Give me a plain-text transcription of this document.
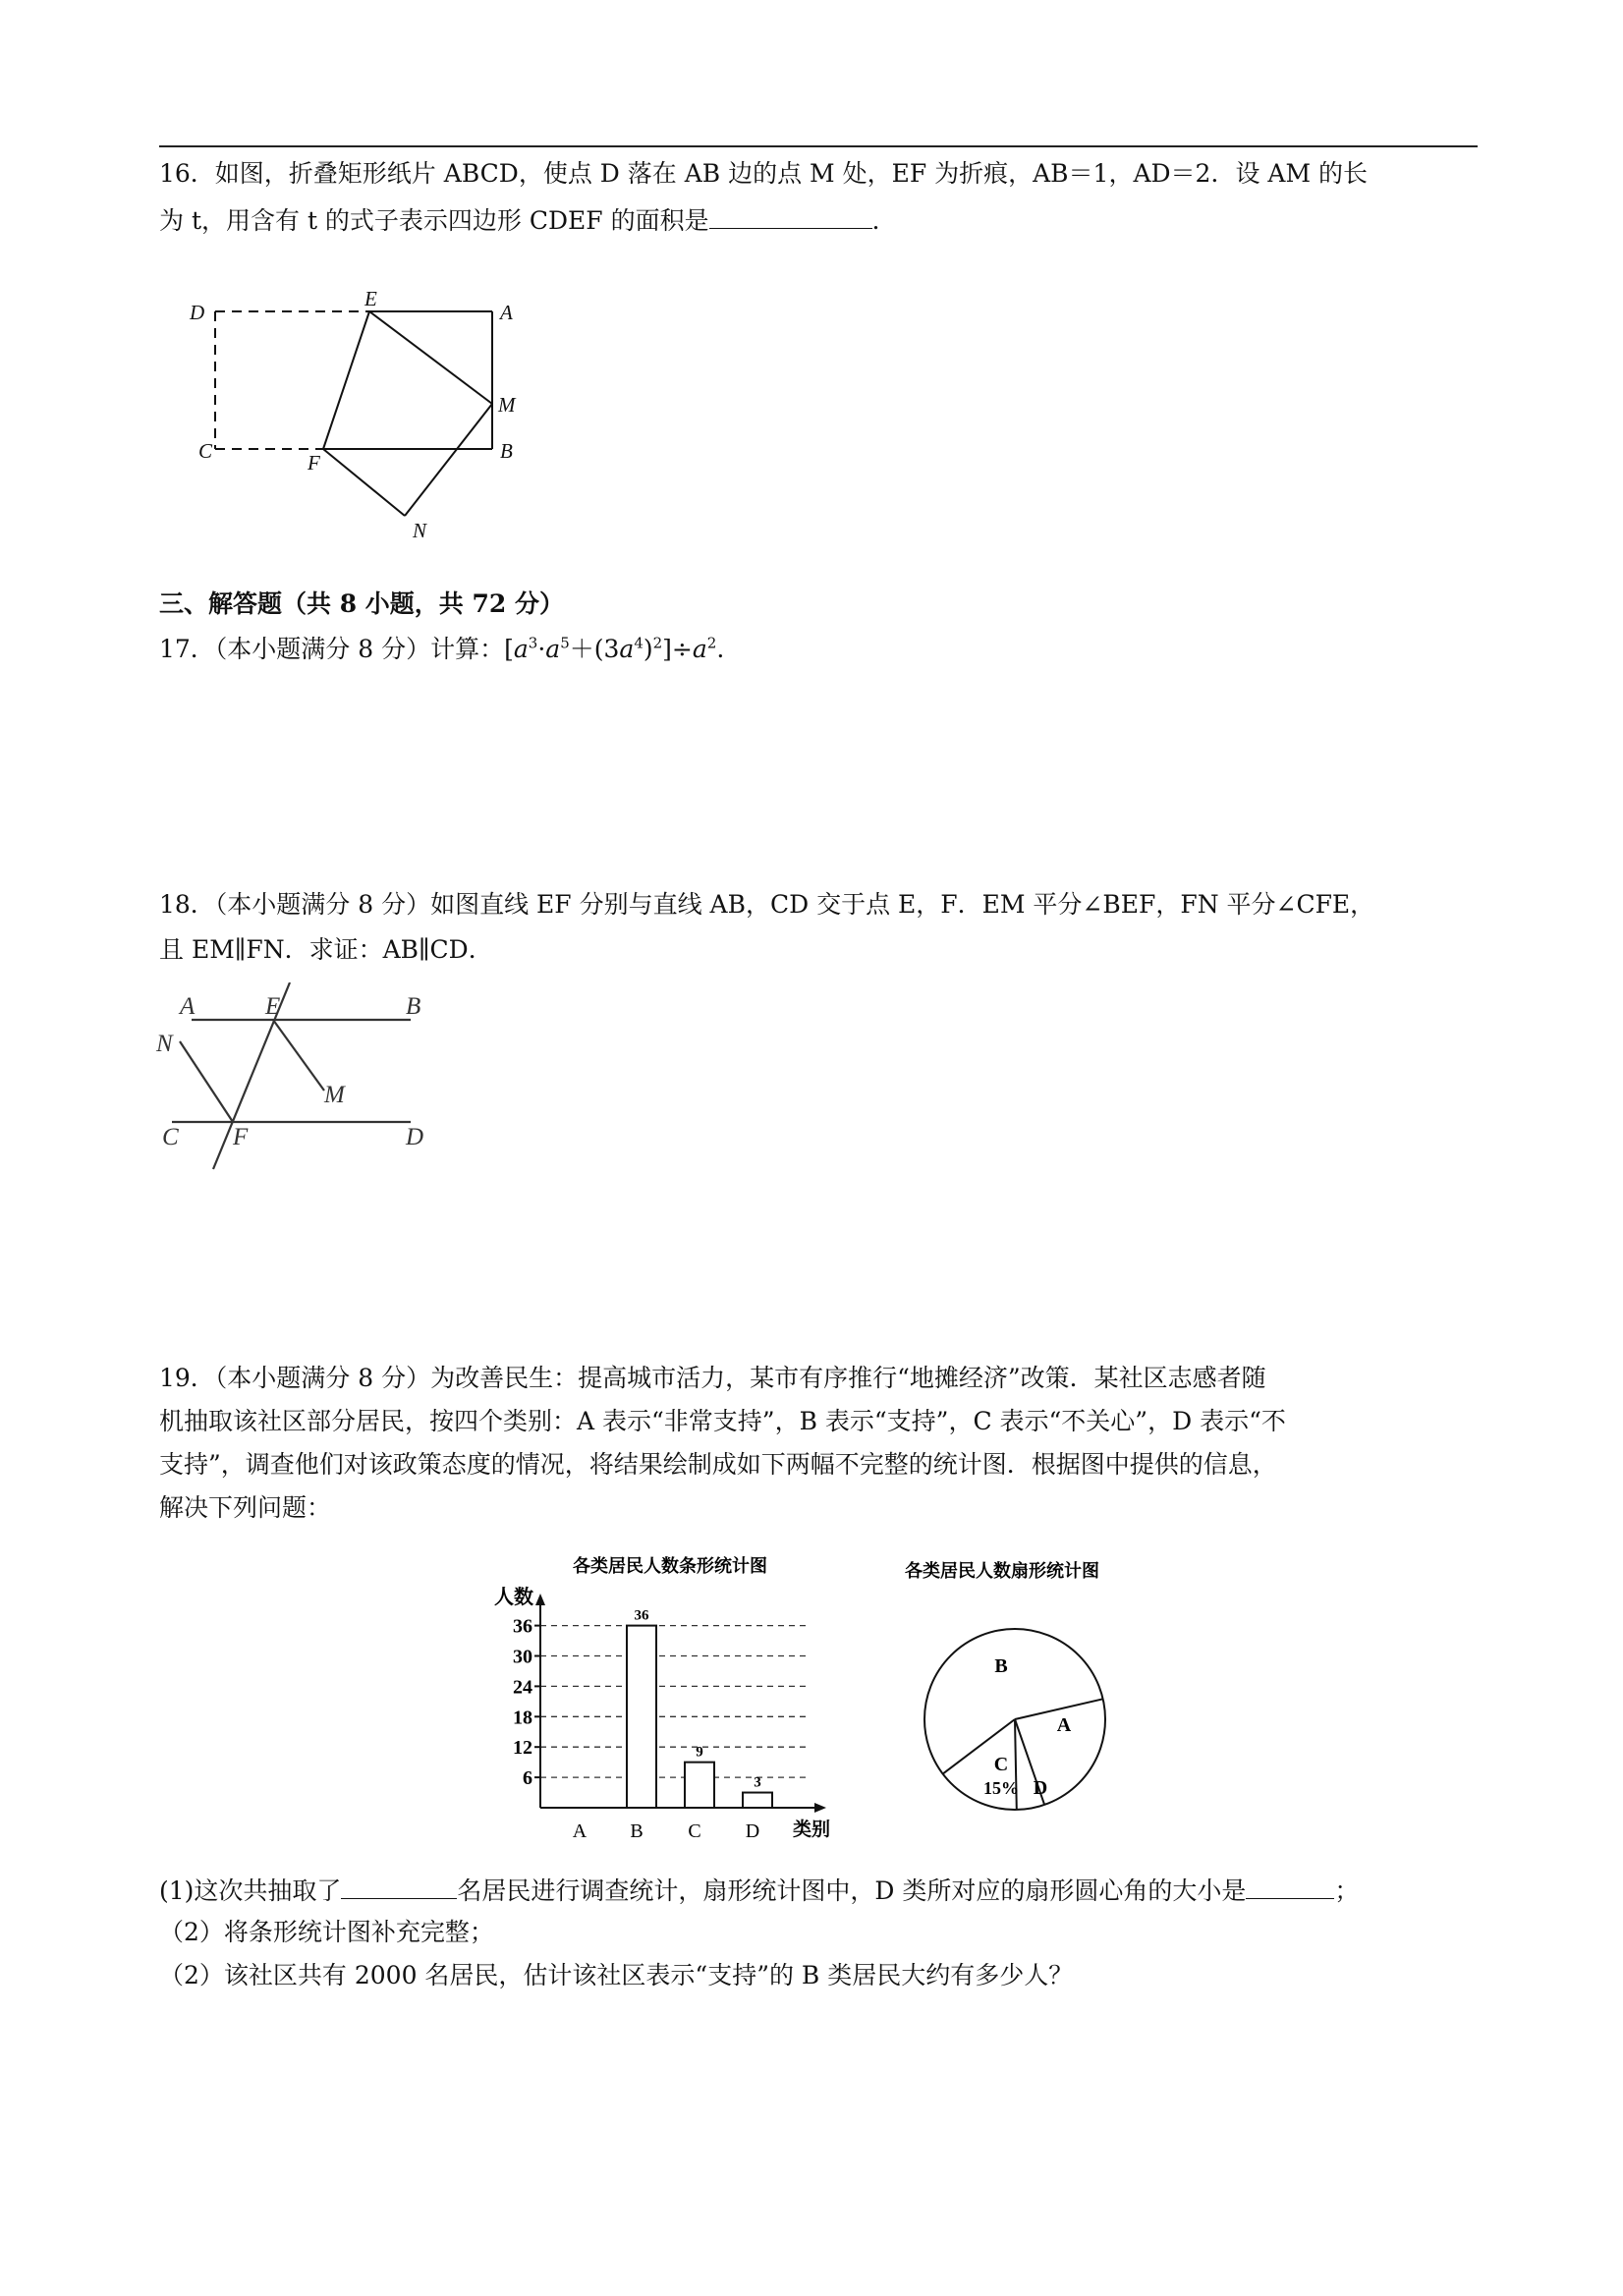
16．如图，折叠矩形纸片 ABCD，使点 D 落在 AB 边的点 M 处，EF 为折痕，AB＝1，AD＝2．设 AM 的长
为 t，用含有 t 的式子表示四边形 CDEF 的面积是	．
D
E
A
M
C	F	B
N
三、解答题（共 8 小题，共 72 分）
17．（本小题满分 8 分）计算：$[a^3\cdot a^5+(3a^4)^2]\div a^2$.
18．（本小题满分 8 分）如图直线 EF 分别与直线 AB，CD 交于点 E，F．EM 平分∠BEF，FN 平分∠CFE，
且 EM∥FN．求证：AB∥CD．
A	E	B
N
M
C F	D
19．（本小题满分 8 分）为改善民生：提高城市活力，某市有序推行“地摊经济”改策．某社区志感者随
机抽取该社区部分居民，按四个类别：A 表示“非常支持”，B 表示“支持”，C 表示“不关心”，D 表示“不
支持”，调查他们对该政策态度的情况，将结果绘制成如下两幅不完整的统计图．根据图中提供的信息，
解决下列问题：
各类居民人数条形统计图
人数
6
12
18
24
30
36	36
9
3
A B C D 类别
各类居民人数扇形统计图
A
D
C
15%
B
(1)这次共抽取了	名居民进行调查统计，扇形统计图中，D 类所对应的扇形圆心角的大小是	；
（2）将条形统计图补充完整；
（2）该社区共有 2000 名居民，估计该社区表示“支持”的 B 类居民大约有多少人？
